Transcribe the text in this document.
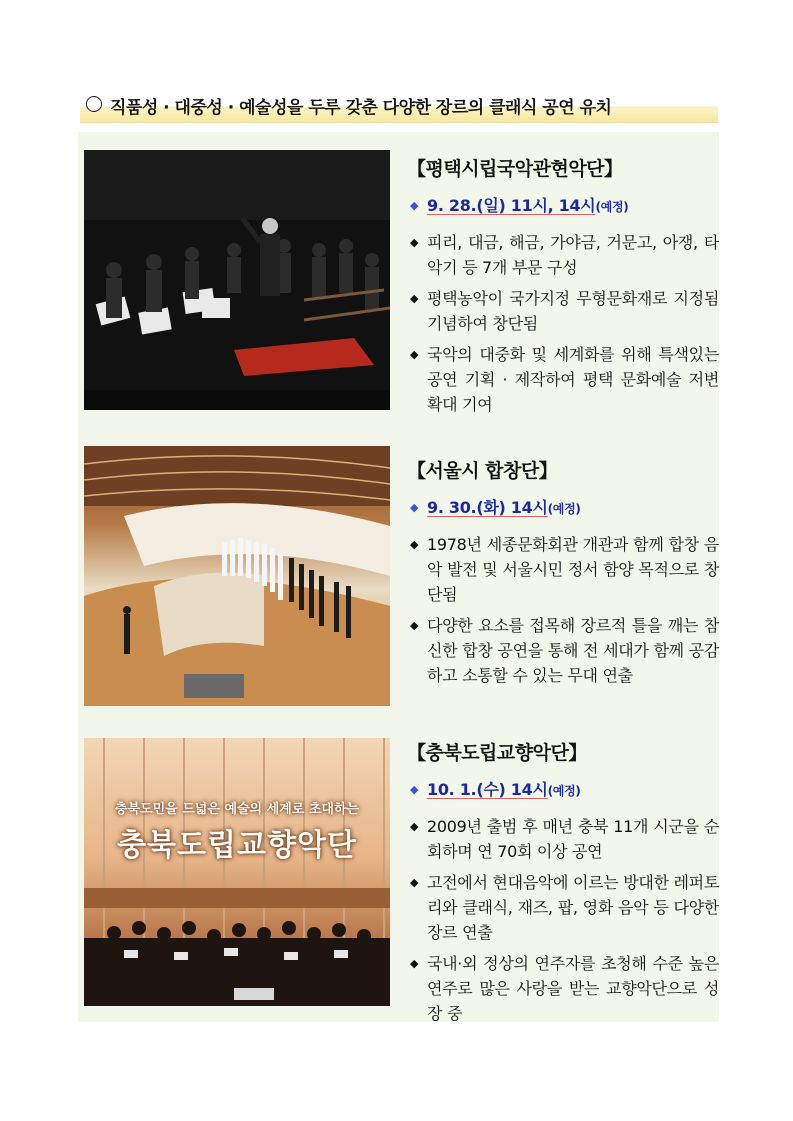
직품성 · 대중성 · 예술성을 두루 갖춘 다양한 장르의 클래식 공연 유치
【평택시립국악관현악단】
◆ 9. 28.(일) 11시, 14시(예정)
◆ 피리, 대금, 해금, 가야금, 거문고, 아쟁, 타악기 등 7개 부문 구성
◆ 평택농악이 국가지정 무형문화재로 지정됨 기념하여 창단됨
◆ 국악의 대중화 및 세계화를 위해 특색있는 공연 기획 · 제작하여 평택 문화예술 저변 확대 기여
【서울시 합창단】
◆ 9. 30.(화) 14시(예정)
◆ 1978년 세종문화회관 개관과 함께 합창 음악 발전 및 서울시민 정서 함양 목적으로 창단됨
◆ 다양한 요소를 접목해 장르적 틀을 깨는 참신한 합창 공연을 통해 전 세대가 함께 공감하고 소통할 수 있는 무대 연출
충북도민을 드넓은 예술의 세계로 초대하는
충북도립교향악단
【충북도립교향악단】
◆ 10. 1.(수) 14시(예정)
◆ 2009년 출범 후 매년 충북 11개 시군을 순회하며 연 70회 이상 공연
◆ 고전에서 현대음악에 이르는 방대한 레퍼토리와 클래식, 재즈, 팝, 영화 음악 등 다양한 장르 연출
◆ 국내·외 정상의 연주자를 초청해 수준 높은 연주로 많은 사랑을 받는 교향악단으로 성장 중
